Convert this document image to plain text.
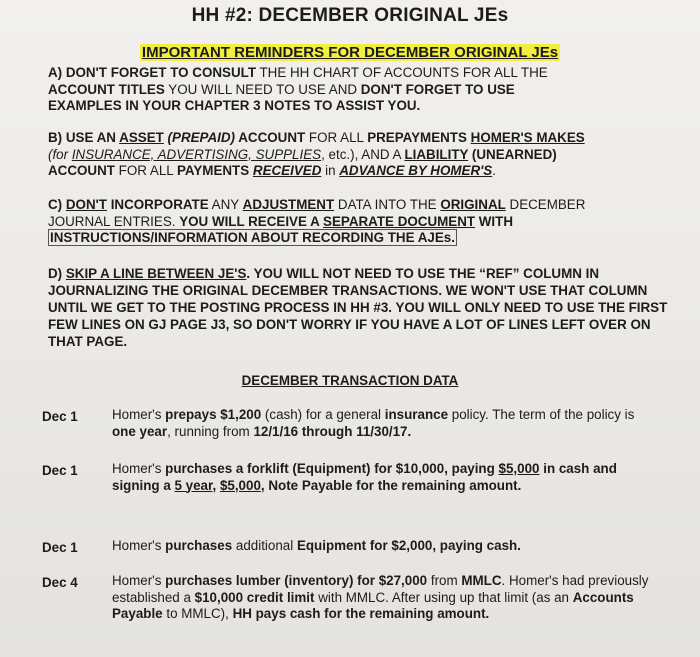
HH #2: DECEMBER ORIGINAL JEs
IMPORTANT REMINDERS FOR DECEMBER ORIGINAL JEs
A) DON'T FORGET TO CONSULT THE HH CHART OF ACCOUNTS FOR ALL THE
ACCOUNT TITLES YOU WILL NEED TO USE AND DON'T FORGET TO USE
EXAMPLES IN YOUR CHAPTER 3 NOTES TO ASSIST YOU.
B) USE AN ASSET (PREPAID) ACCOUNT FOR ALL PREPAYMENTS HOMER'S MAKES
(for INSURANCE, ADVERTISING, SUPPLIES, etc.), AND A LIABILITY (UNEARNED)
ACCOUNT FOR ALL PAYMENTS RECEIVED in ADVANCE BY HOMER'S.
C) DON'T INCORPORATE ANY ADJUSTMENT DATA INTO THE ORIGINAL DECEMBER
JOURNAL ENTRIES. YOU WILL RECEIVE A SEPARATE DOCUMENT WITH
INSTRUCTIONS/INFORMATION ABOUT RECORDING THE AJEs.
D) SKIP A LINE BETWEEN JE'S. YOU WILL NOT NEED TO USE THE “REF” COLUMN IN JOURNALIZING THE ORIGINAL DECEMBER TRANSACTIONS. WE WON'T USE THAT COLUMN UNTIL WE GET TO THE POSTING PROCESS IN HH #3. YOU WILL ONLY NEED TO USE THE FIRST FEW LINES ON GJ PAGE J3, SO DON'T WORRY IF YOU HAVE A LOT OF LINES LEFT OVER ON THAT PAGE.
DECEMBER TRANSACTION DATA
Dec 1	Homer's prepays $1,200 (cash) for a general insurance policy. The term of the policy is one year, running from 12/1/16 through 11/30/17.
Dec 1	Homer's purchases a forklift (Equipment) for $10,000, paying $5,000 in cash and signing a 5 year, $5,000, Note Payable for the remaining amount.
Dec 1	Homer's purchases additional Equipment for $2,000, paying cash.
Dec 4	Homer's purchases lumber (inventory) for $27,000 from MMLC. Homer's had previously established a $10,000 credit limit with MMLC. After using up that limit (as an Accounts Payable to MMLC), HH pays cash for the remaining amount.
